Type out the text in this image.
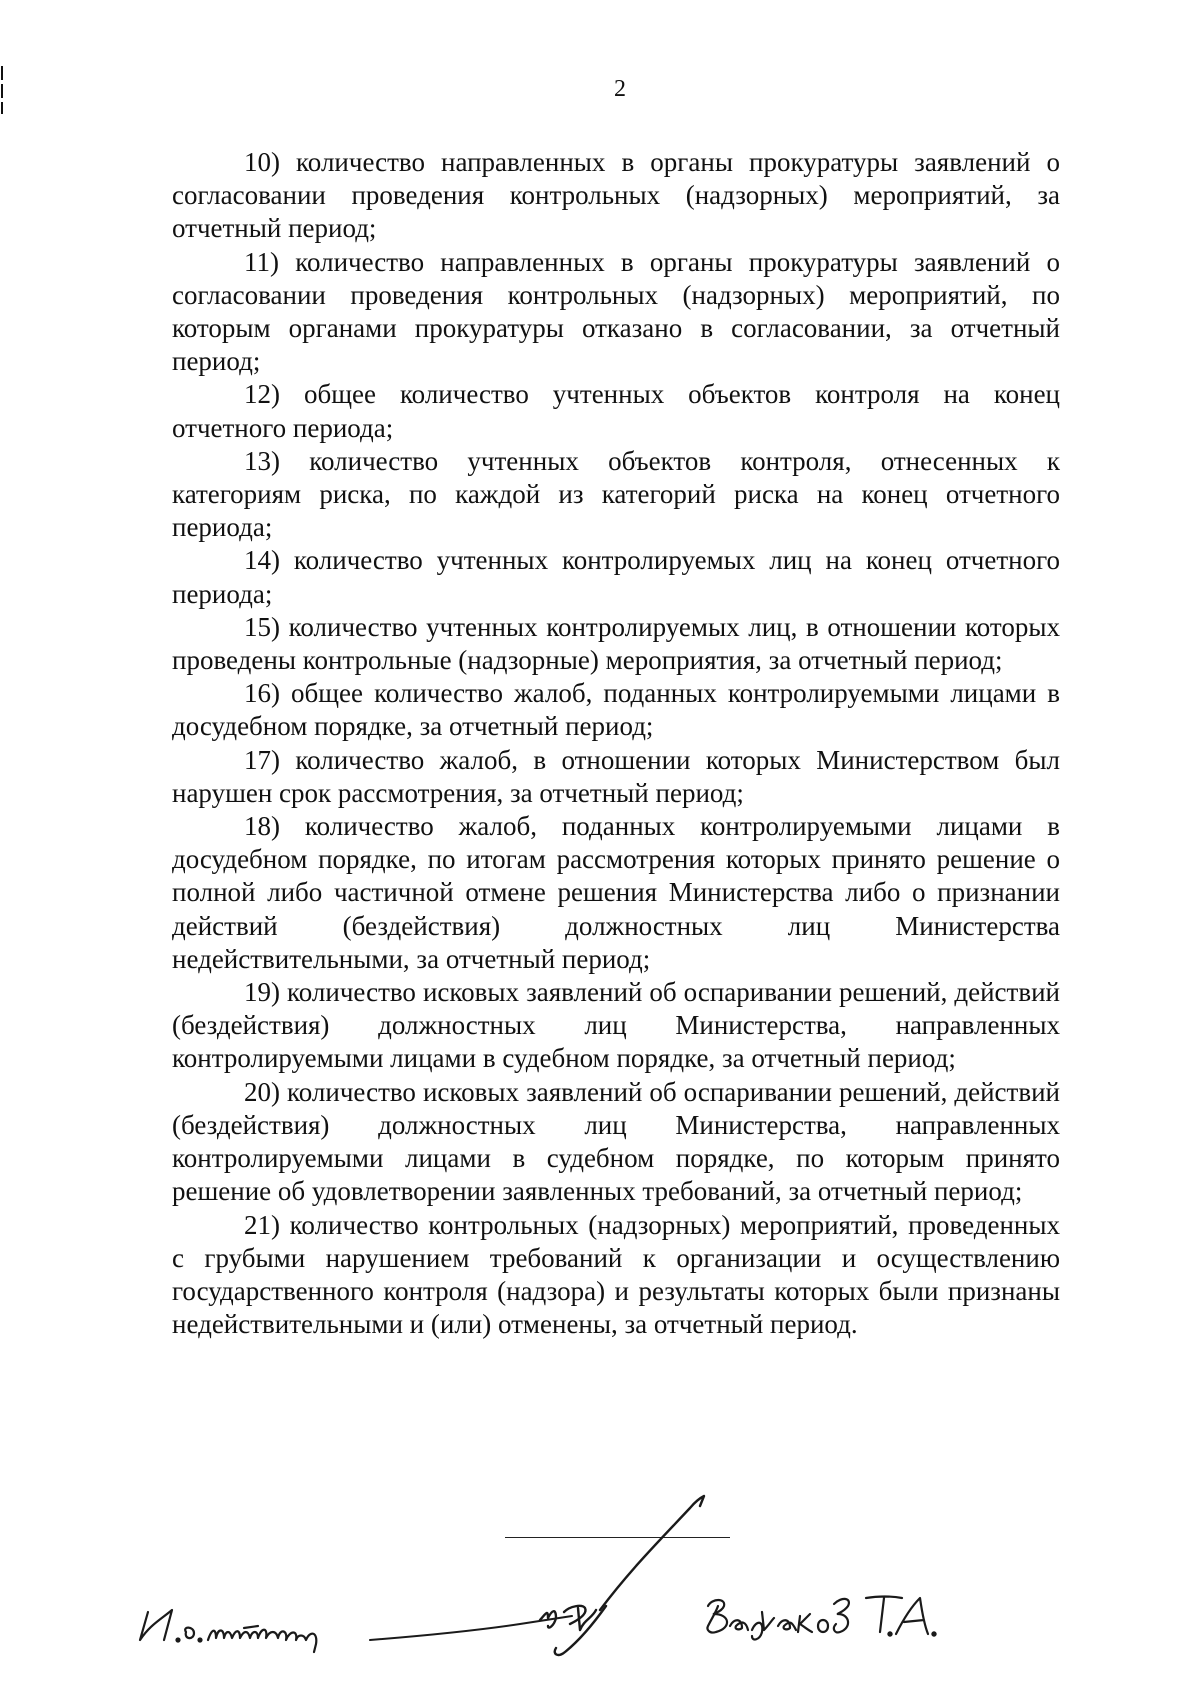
2

10) количество направленных в органы прокуратуры заявлений о согласовании проведения контрольных (надзорных) мероприятий, за отчетный период;

11) количество направленных в органы прокуратуры заявлений о согласовании проведения контрольных (надзорных) мероприятий, по которым органами прокуратуры отказано в согласовании, за отчетный период;

12) общее количество учтенных объектов контроля на конец отчетного периода;

13) количество учтенных объектов контроля, отнесенных к категориям риска, по каждой из категорий риска на конец отчетного периода;

14) количество учтенных контролируемых лиц на конец отчетного периода;

15) количество учтенных контролируемых лиц, в отношении которых проведены контрольные (надзорные) мероприятия, за отчетный период;

16) общее количество жалоб, поданных контролируемыми лицами в досудебном порядке, за отчетный период;

17) количество жалоб, в отношении которых Министерством был нарушен срок рассмотрения, за отчетный период;

18) количество жалоб, поданных контролируемыми лицами в досудебном порядке, по итогам рассмотрения которых принято решение о полной либо частичной отмене решения Министерства либо о признании действий (бездействия) должностных лиц Министерства недействительными, за отчетный период;

19) количество исковых заявлений об оспаривании решений, действий (бездействия) должностных лиц Министерства, направленных контролируемыми лицами в судебном порядке, за отчетный период;

20) количество исковых заявлений об оспаривании решений, действий (бездействия) должностных лиц Министерства, направленных контролируемыми лицами в судебном порядке, по которым принято решение об удовлетворении заявленных требований, за отчетный период;

21) количество контрольных (надзорных) мероприятий, проведенных с грубыми нарушением требований к организации и осуществлению государственного контроля (надзора) и результаты которых были признаны недействительными и (или) отменены, за отчетный период.
